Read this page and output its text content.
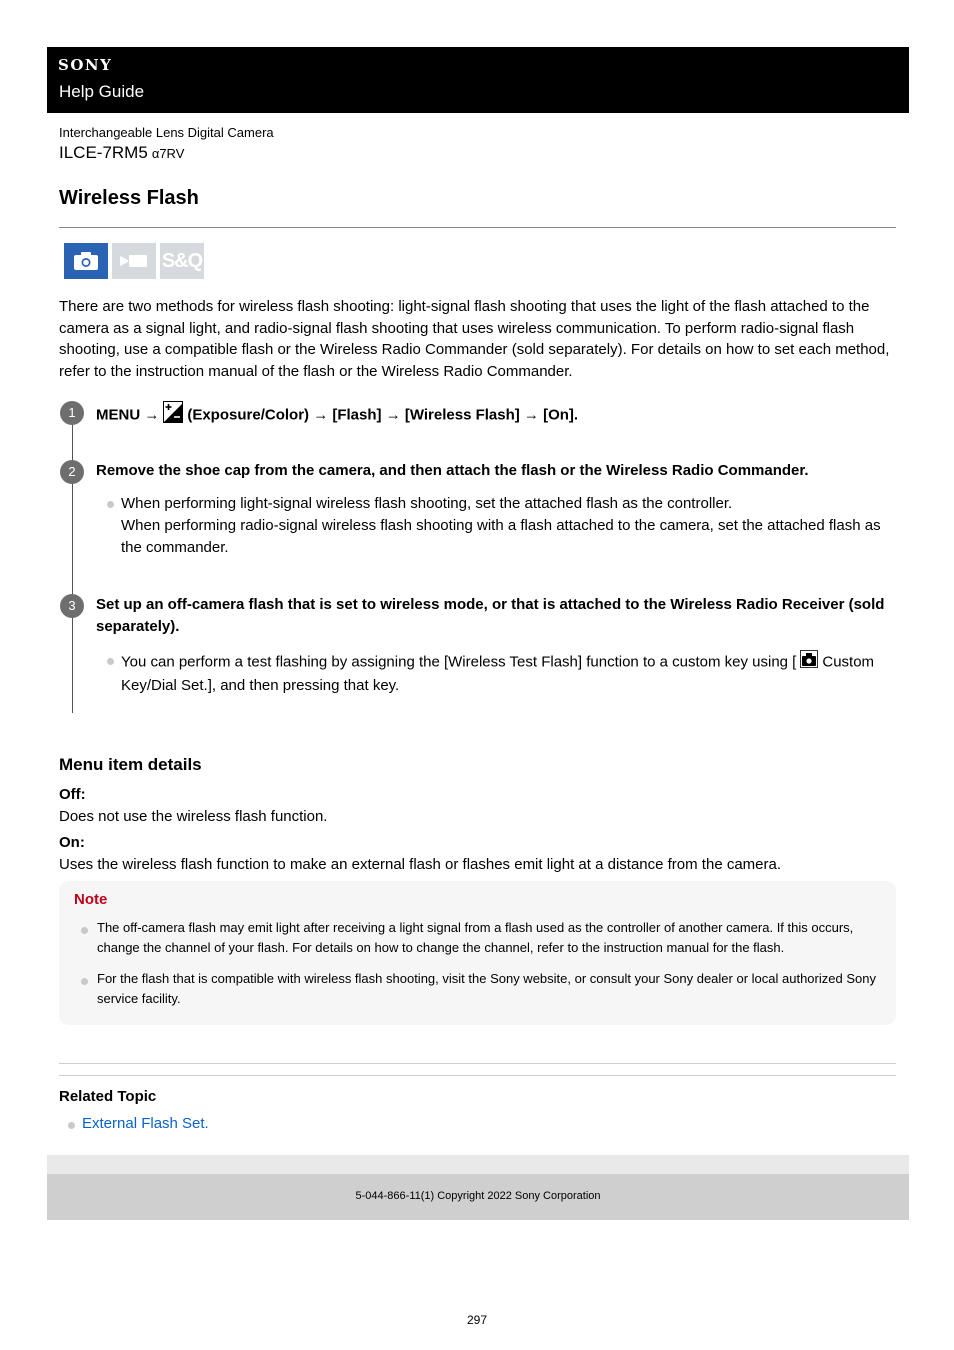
SONY
Help Guide
Interchangeable Lens Digital Camera
ILCE-7RM5 α7RV
Wireless Flash
S&Q
There are two methods for wireless flash shooting: light-signal flash shooting that uses the light of the flash attached to the camera as a signal light, and radio-signal flash shooting that uses wireless communication. To perform radio-signal flash shooting, use a compatible flash or the Wireless Radio Commander (sold separately). For details on how to set each method, refer to the instruction manual of the flash or the Wireless Radio Commander.
1	MENU → (Exposure/Color) → [Flash] → [Wireless Flash] → [On].
2	Remove the shoe cap from the camera, and then attach the flash or the Wireless Radio Commander.
When performing light-signal wireless flash shooting, set the attached flash as the controller.
When performing radio-signal wireless flash shooting with a flash attached to the camera, set the attached flash as the commander.
3	Set up an off-camera flash that is set to wireless mode, or that is attached to the Wireless Radio Receiver (sold separately).
You can perform a test flashing by assigning the [Wireless Test Flash] function to a custom key using [ Custom Key/Dial Set.], and then pressing that key.
Menu item details
Off:
Does not use the wireless flash function.
On:
Uses the wireless flash function to make an external flash or flashes emit light at a distance from the camera.
Note
The off-camera flash may emit light after receiving a light signal from a flash used as the controller of another camera. If this occurs, change the channel of your flash. For details on how to change the channel, refer to the instruction manual for the flash.
For the flash that is compatible with wireless flash shooting, visit the Sony website, or consult your Sony dealer or local authorized Sony service facility.
Related Topic
External Flash Set.
5-044-866-11(1) Copyright 2022 Sony Corporation
297
